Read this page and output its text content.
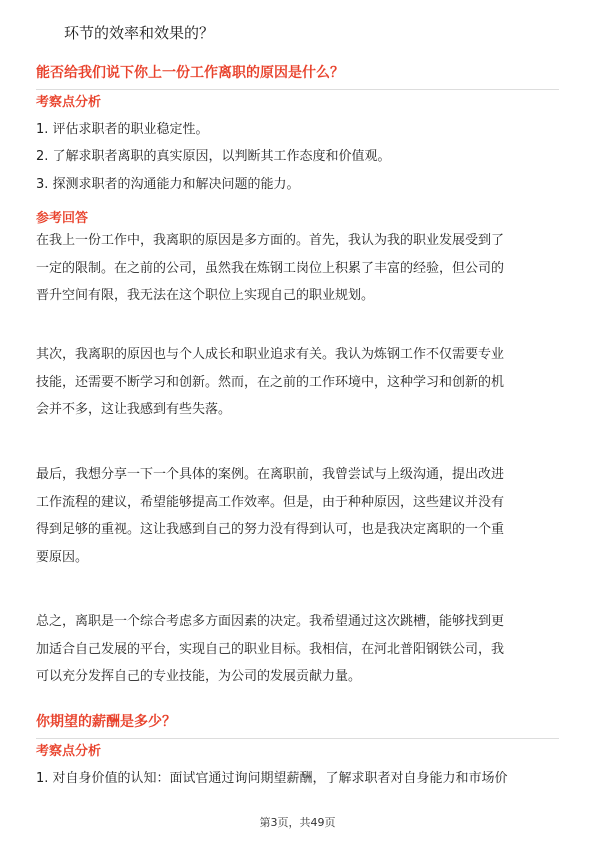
环节的效率和效果的？
能否给我们说下你上一份工作离职的原因是什么？
考察点分析
1. 评估求职者的职业稳定性。
2. 了解求职者离职的真实原因，以判断其工作态度和价值观。
3. 探测求职者的沟通能力和解决问题的能力。
参考回答
在我上一份工作中，我离职的原因是多方面的。首先，我认为我的职业发展受到了
一定的限制。在之前的公司，虽然我在炼钢工岗位上积累了丰富的经验，但公司的
晋升空间有限，我无法在这个职位上实现自己的职业规划。
其次，我离职的原因也与个人成长和职业追求有关。我认为炼钢工作不仅需要专业
技能，还需要不断学习和创新。然而，在之前的工作环境中，这种学习和创新的机
会并不多，这让我感到有些失落。
最后，我想分享一下一个具体的案例。在离职前，我曾尝试与上级沟通，提出改进
工作流程的建议，希望能够提高工作效率。但是，由于种种原因，这些建议并没有
得到足够的重视。这让我感到自己的努力没有得到认可，也是我决定离职的一个重
要原因。
总之，离职是一个综合考虑多方面因素的决定。我希望通过这次跳槽，能够找到更
加适合自己发展的平台，实现自己的职业目标。我相信，在河北普阳钢铁公司，我
可以充分发挥自己的专业技能，为公司的发展贡献力量。
你期望的薪酬是多少？
考察点分析
1. 对自身价值的认知：面试官通过询问期望薪酬，了解求职者对自身能力和市场价
第3页，共49页
